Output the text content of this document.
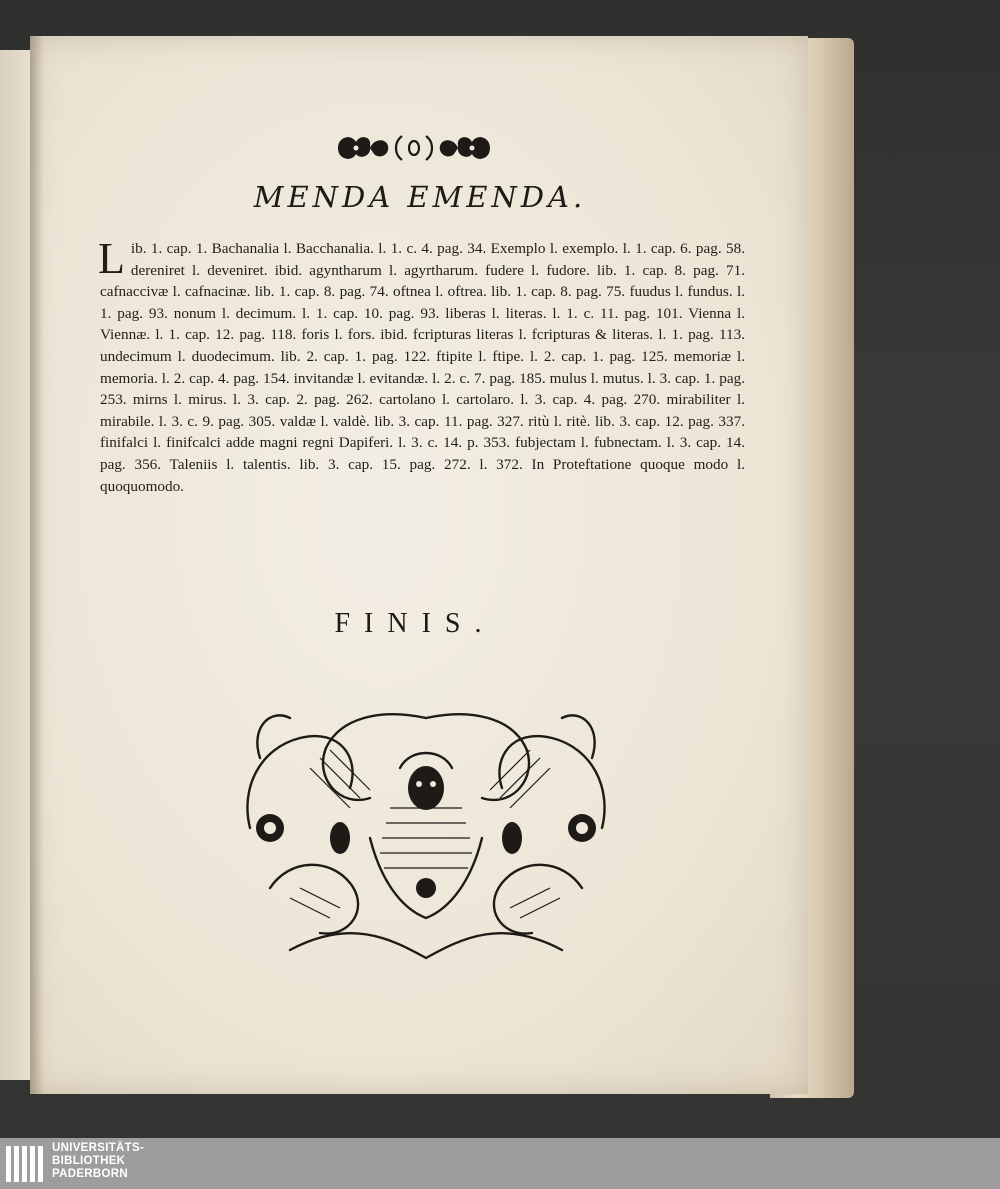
MENDA EMENDA.
Lib. 1. cap. 1. Bachanalia l. Bacchanalia. l. 1. c. 4. pag. 34. Exemplo l. exemplo. l. 1. cap. 6. pag. 58. dereniret l. deveniret. ibid. agyntharum l. agyrtharum. fudere l. fudore. lib. 1. cap. 8. pag. 71. cafnaccivæ l. cafnacinæ. lib. 1. cap. 8. pag. 74. oftnea l. oftrea. lib. 1. cap. 8. pag. 75. fuudus l. fundus. l. 1. pag. 93. nonum l. decimum. l. 1. cap. 10. pag. 93. liberas l. literas. l. 1. c. 11. pag. 101. Vienna l. Viennæ. l. 1. cap. 12. pag. 118. foris l. fors. ibid. fcripturas literas l. fcripturas & literas. l. 1. pag. 113. undecimum l. duodecimum. lib. 2. cap. 1. pag. 122. ftipite l. ftipe. l. 2. cap. 1. pag. 125. memoriæ l. memoria. l. 2. cap. 4. pag. 154. invitandæ l. evitandæ. l. 2. c. 7. pag. 185. mulus l. mutus. l. 3. cap. 1. pag. 253. mirns l. mirus. l. 3. cap. 2. pag. 262. cartolano l. cartolaro. l. 3. cap. 4. pag. 270. mirabiliter l. mirabile. l. 3. c. 9. pag. 305. valdæ l. valdè. lib. 3. cap. 11. pag. 327. ritù l. ritè. lib. 3. cap. 12. pag. 337. finifalci l. finifcalci adde magni regni Dapiferi. l. 3. c. 14. p. 353. fubjectam l. fubnectam. l. 3. cap. 14. pag. 356. Taleniis l. talentis. lib. 3. cap. 15. pag. 272. l. 372. In Proteftatione quoque modo l. quoquomodo.
FINIS.
UNIVERSITÄTS-
BIBLIOTHEK
PADERBORN
